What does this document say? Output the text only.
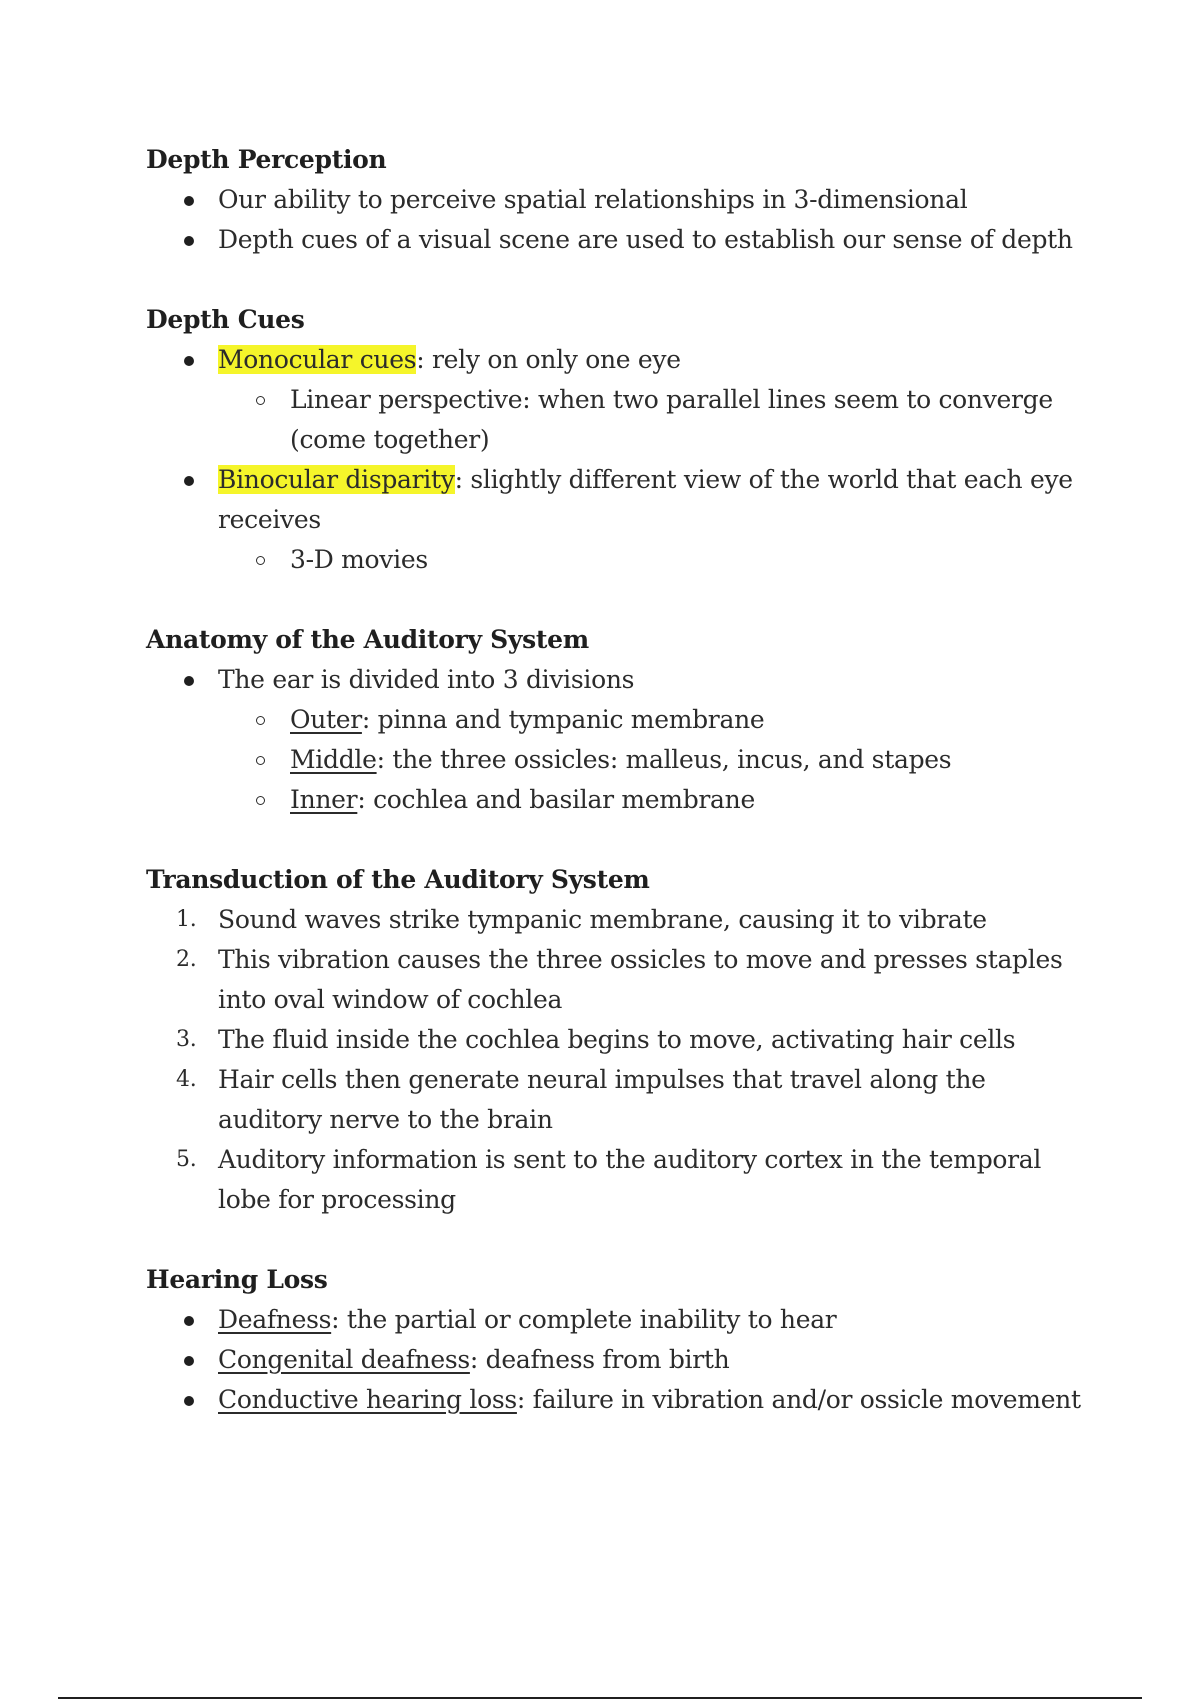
Depth Perception
Our ability to perceive spatial relationships in 3-dimensional
Depth cues of a visual scene are used to establish our sense of depth
Depth Cues
Monocular cues: rely on only one eye
Linear perspective: when two parallel lines seem to converge (come together)
Binocular disparity: slightly different view of the world that each eye receives
3-D movies
Anatomy of the Auditory System
The ear is divided into 3 divisions
Outer: pinna and tympanic membrane
Middle: the three ossicles: malleus, incus, and stapes
Inner: cochlea and basilar membrane
Transduction of the Auditory System
1. Sound waves strike tympanic membrane, causing it to vibrate
2. This vibration causes the three ossicles to move and presses staples into oval window of cochlea
3. The fluid inside the cochlea begins to move, activating hair cells
4. Hair cells then generate neural impulses that travel along the auditory nerve to the brain
5. Auditory information is sent to the auditory cortex in the temporal lobe for processing
Hearing Loss
Deafness: the partial or complete inability to hear
Congenital deafness: deafness from birth
Conductive hearing loss: failure in vibration and/or ossicle movement
